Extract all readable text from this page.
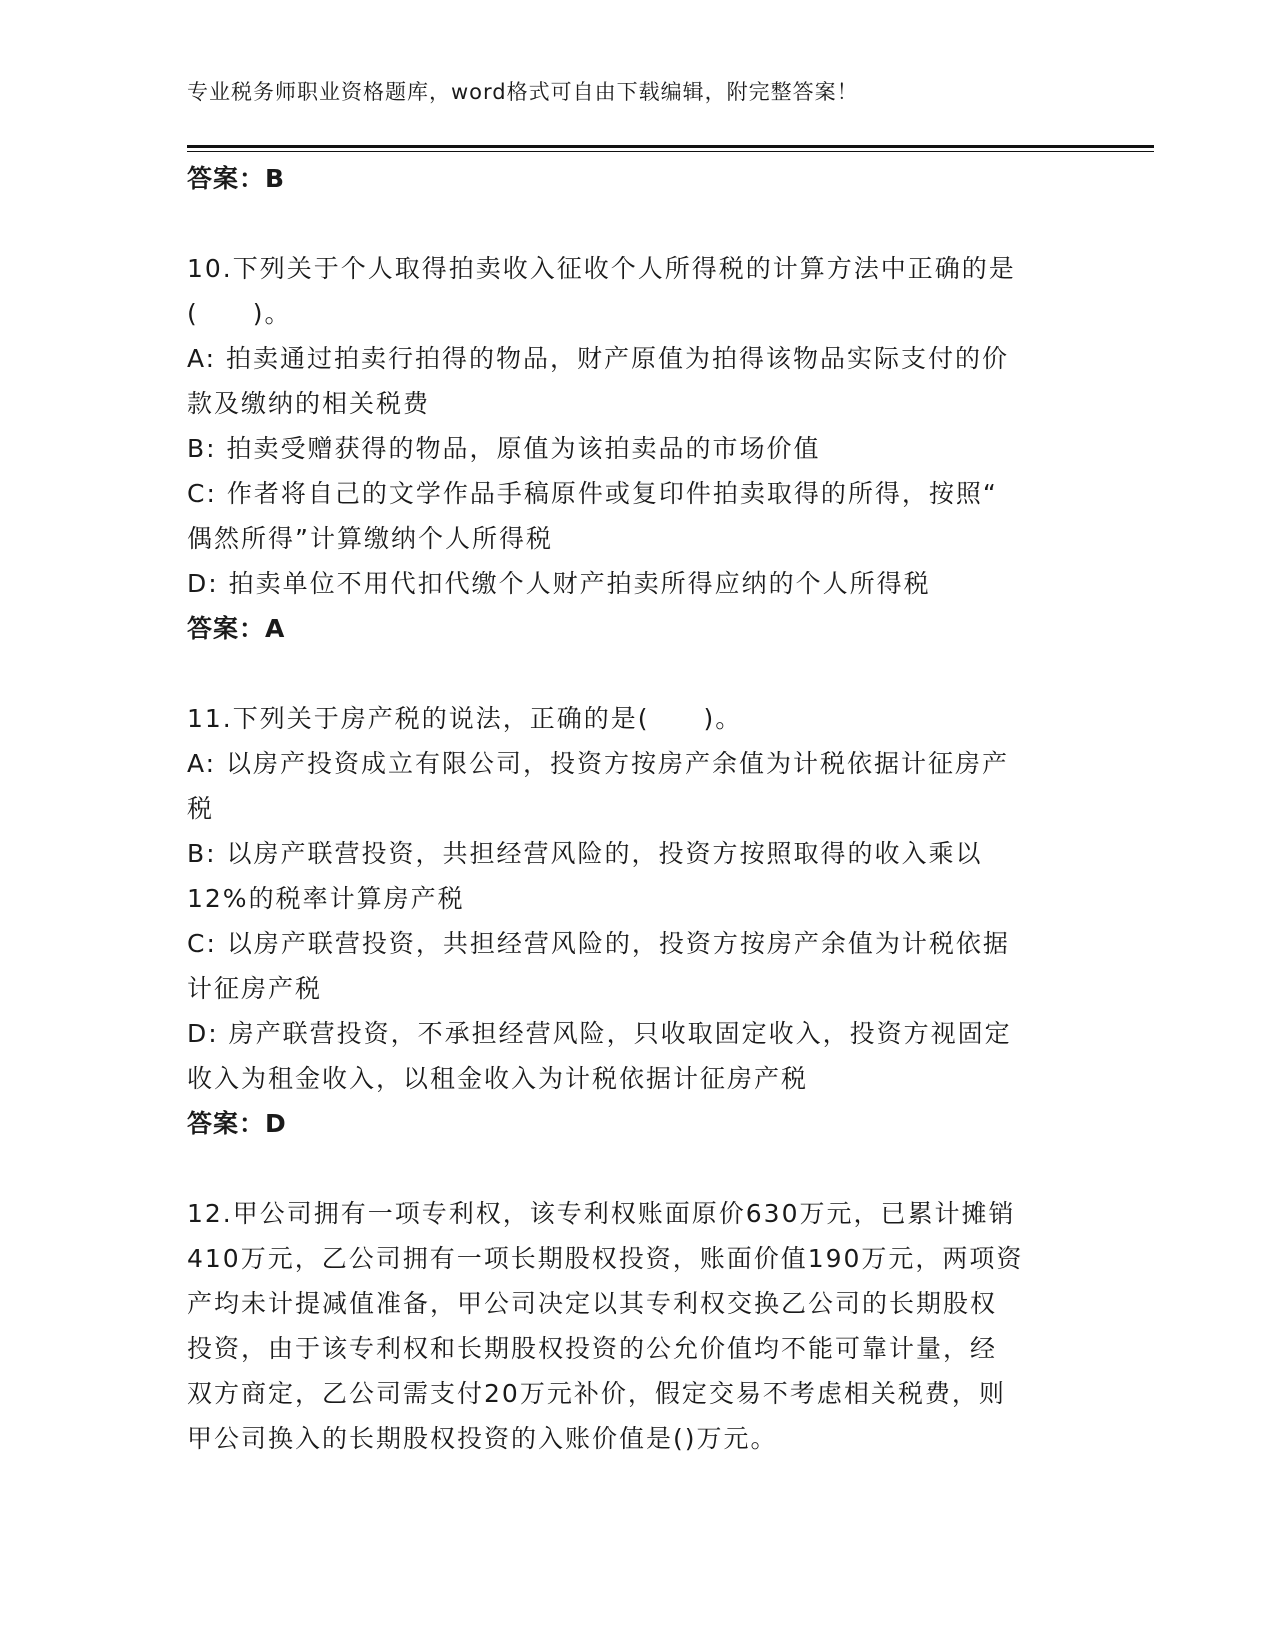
专业税务师职业资格题库，word格式可自由下载编辑，附完整答案！
答案：B
10.下列关于个人取得拍卖收入征收个人所得税的计算方法中正确的是
(　　)。
A: 拍卖通过拍卖行拍得的物品，财产原值为拍得该物品实际支付的价
款及缴纳的相关税费
B: 拍卖受赠获得的物品，原值为该拍卖品的市场价值
C: 作者将自己的文学作品手稿原件或复印件拍卖取得的所得，按照“
偶然所得”计算缴纳个人所得税
D: 拍卖单位不用代扣代缴个人财产拍卖所得应纳的个人所得税
答案：A
11.下列关于房产税的说法，正确的是(　　)。
A: 以房产投资成立有限公司，投资方按房产余值为计税依据计征房产
税
B: 以房产联营投资，共担经营风险的，投资方按照取得的收入乘以
12%的税率计算房产税
C: 以房产联营投资，共担经营风险的，投资方按房产余值为计税依据
计征房产税
D: 房产联营投资，不承担经营风险，只收取固定收入，投资方视固定
收入为租金收入，以租金收入为计税依据计征房产税
答案：D
12.甲公司拥有一项专利权，该专利权账面原价630万元，已累计摊销
410万元，乙公司拥有一项长期股权投资，账面价值190万元，两项资
产均未计提减值准备，甲公司决定以其专利权交换乙公司的长期股权
投资，由于该专利权和长期股权投资的公允价值均不能可靠计量，经
双方商定，乙公司需支付20万元补价，假定交易不考虑相关税费，则
甲公司换入的长期股权投资的入账价值是()万元。
